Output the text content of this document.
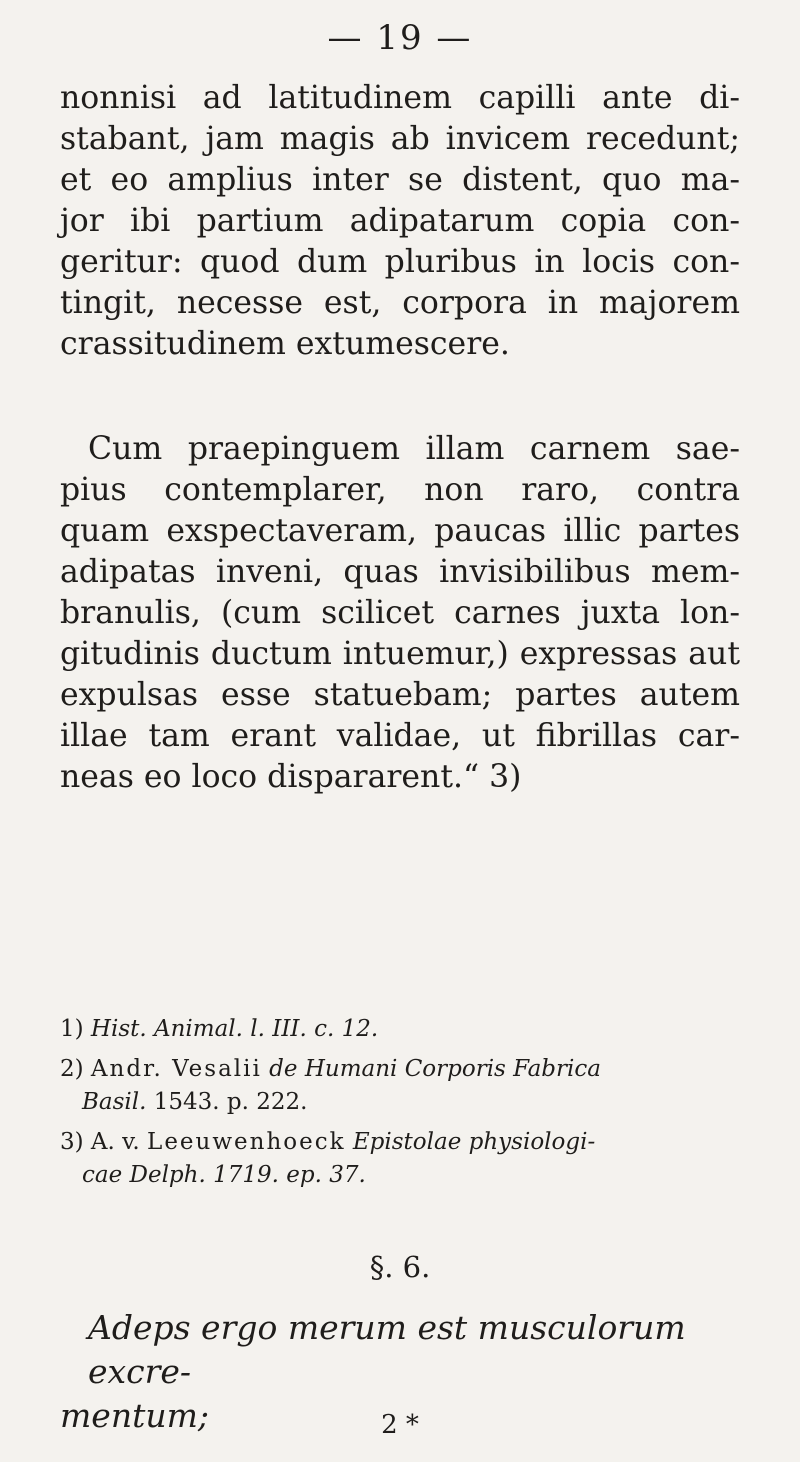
— 19 —

nonnisi ad latitudinem capilli ante di-
stabant, jam magis ab invicem recedunt;
et eo amplius inter se distent, quo ma-
jor ibi partium adipatarum copia con-
geritur: quod dum pluribus in locis con-
tingit, necesse est, corpora in majorem
crassitudinem extumescere.

Cum praepinguem illam carnem sae-
pius contemplarer, non raro, contra
quam exspectaveram, paucas illic partes
adipatas inveni, quas invisibilibus mem-
branulis, (cum scilicet carnes juxta lon-
gitudinis ductum intuemur,) expressas aut
expulsas esse statuebam; partes autem
illae tam erant validae, ut fibrillas car-
neas eo loco dispararent.“ 3)

1) Hist. Animal. l. III. c. 12.
2) Andr. Vesalii de Humani Corporis Fabrica
Basil. 1543. p. 222.
3) A. v. Leeuwenhoeck Epistolae physiologi-
cae Delph. 1719. ep. 37.
§. 6.
Adeps ergo merum est musculorum excre-
mentum;	2 *
